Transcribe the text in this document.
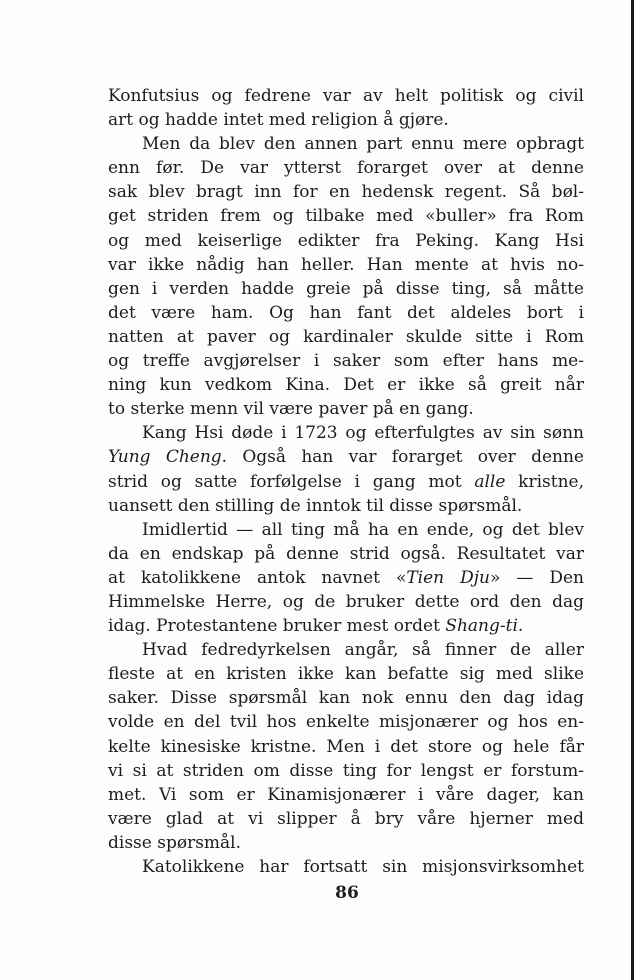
Konfutsius og fedrene var av helt politisk og civil
art og hadde intet med religion å gjøre.
Men da blev den annen part ennu mere opbragt
enn før. De var ytterst forarget over at denne
sak blev bragt inn for en hedensk regent. Så bøl-
get striden frem og tilbake med «buller» fra Rom
og med keiserlige edikter fra Peking. Kang Hsi
var ikke nådig han heller. Han mente at hvis no-
gen i verden hadde greie på disse ting, så måtte
det være ham. Og han fant det aldeles bort i
natten at paver og kardinaler skulde sitte i Rom
og treffe avgjørelser i saker som efter hans me-
ning kun vedkom Kina. Det er ikke så greit når
to sterke menn vil være paver på en gang.
Kang Hsi døde i 1723 og efterfulgtes av sin sønn
Yung Cheng. Også han var forarget over denne
strid og satte forfølgelse i gang mot alle kristne,
uansett den stilling de inntok til disse spørsmål.
Imidlertid — all ting må ha en ende, og det blev
da en endskap på denne strid også. Resultatet var
at katolikkene antok navnet «Tien Dju» — Den
Himmelske Herre, og de bruker dette ord den dag
idag. Protestantene bruker mest ordet Shang-ti.
Hvad fedredyrkelsen angår, så finner de aller
fleste at en kristen ikke kan befatte sig med slike
saker. Disse spørsmål kan nok ennu den dag idag
volde en del tvil hos enkelte misjonærer og hos en-
kelte kinesiske kristne. Men i det store og hele får
vi si at striden om disse ting for lengst er forstum-
met. Vi som er Kinamisjonærer i våre dager, kan
være glad at vi slipper å bry våre hjerner med
disse spørsmål.
Katolikkene har fortsatt sin misjonsvirksomhet
86
